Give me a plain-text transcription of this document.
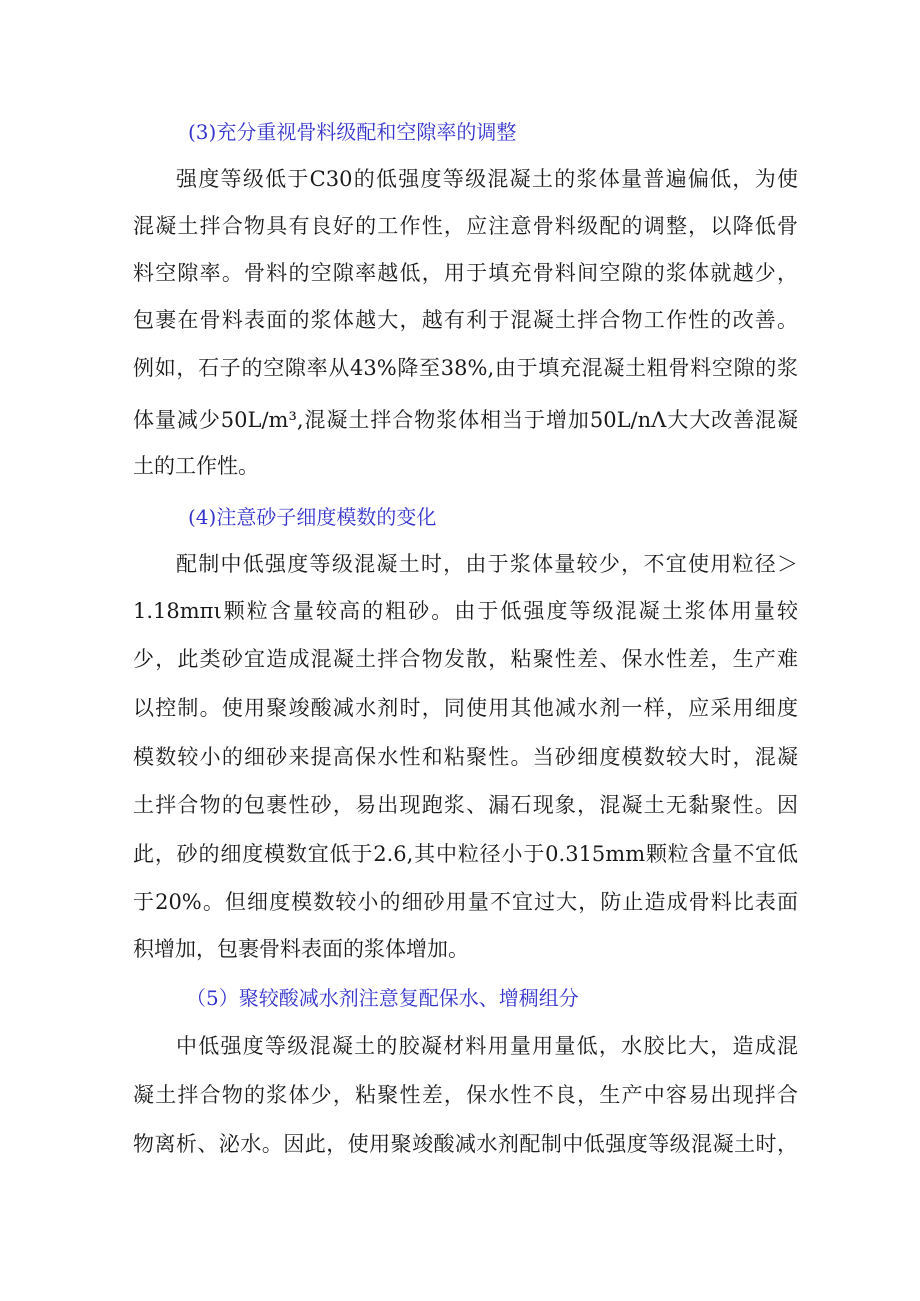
(3)充分重视骨料级配和空隙率的调整
强度等级低于C30的低强度等级混凝土的浆体量普遍偏低，为使
混凝土拌合物具有良好的工作性，应注意骨料级配的调整，以降低骨
料空隙率。骨料的空隙率越低，用于填充骨料间空隙的浆体就越少，
包裹在骨料表面的浆体越大，越有利于混凝土拌合物工作性的改善。
例如，石子的空隙率从43%降至38%,由于填充混凝土粗骨料空隙的浆
体量减少50L∕m³,混凝土拌合物浆体相当于增加50L∕nΛ大大改善混凝
土的工作性。
(4)注意砂子细度模数的变化
配制中低强度等级混凝土时，由于浆体量较少，不宜使用粒径＞
1.18mπι颗粒含量较高的粗砂。由于低强度等级混凝土浆体用量较
少，此类砂宜造成混凝土拌合物发散，粘聚性差、保水性差，生产难
以控制。使用聚竣酸减水剂时，同使用其他减水剂一样，应采用细度
模数较小的细砂来提高保水性和粘聚性。当砂细度模数较大时，混凝
土拌合物的包裹性砂，易出现跑浆、漏石现象，混凝土无黏聚性。因
此，砂的细度模数宜低于2.6,其中粒径小于0.315mm颗粒含量不宜低
于20%。但细度模数较小的细砂用量不宜过大，防止造成骨料比表面
积增加，包裹骨料表面的浆体增加。
（5）聚较酸减水剂注意复配保水、增稠组分
中低强度等级混凝土的胶凝材料用量用量低，水胶比大，造成混
凝土拌合物的浆体少，粘聚性差，保水性不良，生产中容易出现拌合
物离析、泌水。因此，使用聚竣酸减水剂配制中低强度等级混凝土时，
